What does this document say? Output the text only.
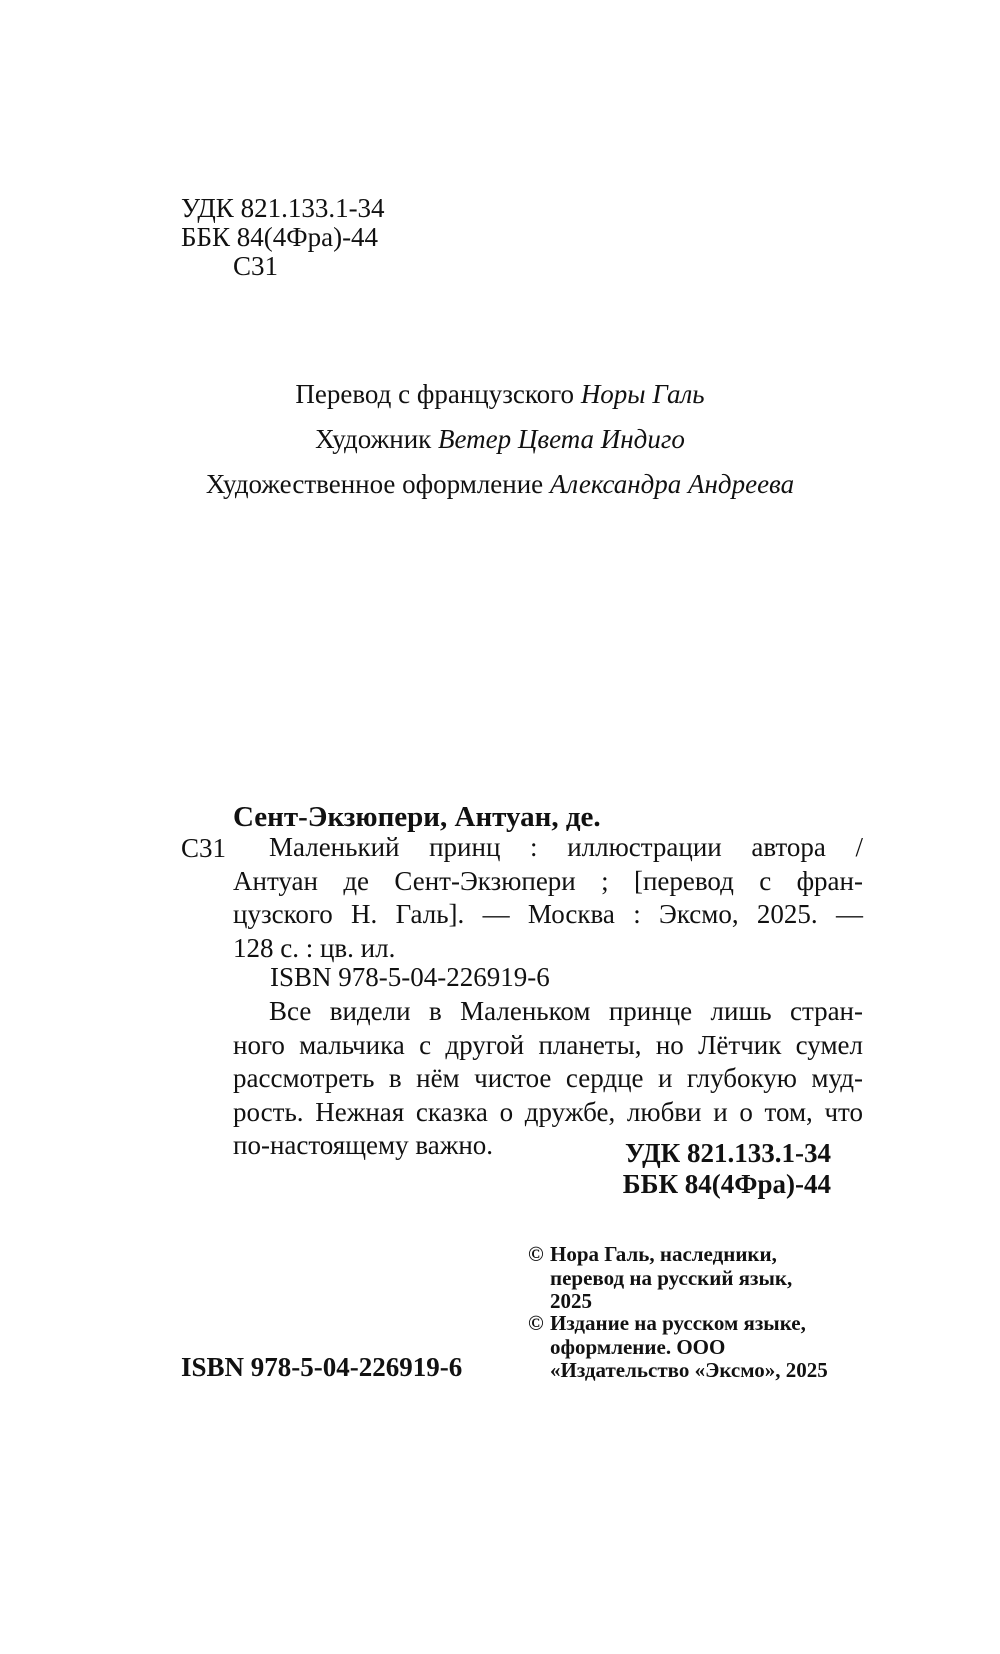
УДК 821.133.1-34
ББК 84(4Фра)-44
С31
Перевод с французского Норы Галь
Художник Ветер Цвета Индиго
Художественное оформление Александра Андреева
Сент-Экзюпери, Антуан, де.
С31	Маленький принц : иллюстрации автора /
Антуан де Сент-Экзюпери ; [перевод с фран-
цузского Н. Галь]. — Москва : Эксмо, 2025. —
128 с. : цв. ил.
ISBN 978-5-04-226919-6
Все видели в Маленьком принце лишь стран-
ного мальчика с другой планеты, но Лётчик сумел
рассмотреть в нём чистое сердце и глубокую муд-
рость. Нежная сказка о дружбе, любви и о том, что
по-настоящему важно.	УДК 821.133.1-34
ББК 84(4Фра)-44
© Нора Галь, наследники,
перевод на русский язык,
2025
© Издание на русском языке,
оформление. ООО
«Издательство «Эксмо», 2025
ISBN 978-5-04-226919-6
